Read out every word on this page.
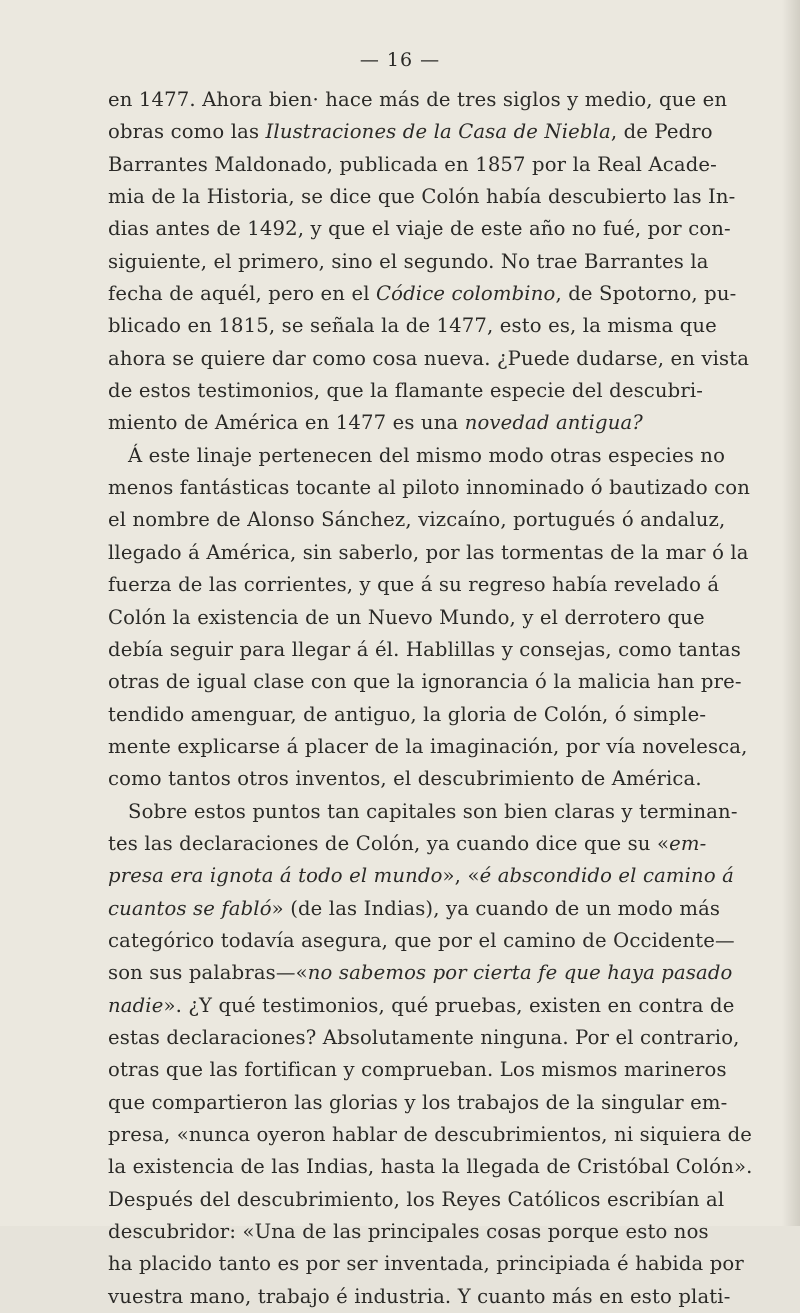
— 16 —
en 1477. Ahora bien· hace más de tres siglos y medio, que en
obras como las Ilustraciones de la Casa de Niebla, de Pedro
Barrantes Maldonado, publicada en 1857 por la Real Acade-
mia de la Historia, se dice que Colón había descubierto las In-
dias antes de 1492, y que el viaje de este año no fué, por con-
siguiente, el primero, sino el segundo. No trae Barrantes la
fecha de aquél, pero en el Códice colombino, de Spotorno, pu-
blicado en 1815, se señala la de 1477, esto es, la misma que
ahora se quiere dar como cosa nueva. ¿Puede dudarse, en vista
de estos testimonios, que la flamante especie del descubri-
miento de América en 1477 es una novedad antigua?
Á este linaje pertenecen del mismo modo otras especies no
menos fantásticas tocante al piloto innominado ó bautizado con
el nombre de Alonso Sánchez, vizcaíno, portugués ó andaluz,
llegado á América, sin saberlo, por las tormentas de la mar ó la
fuerza de las corrientes, y que á su regreso había revelado á
Colón la existencia de un Nuevo Mundo, y el derrotero que
debía seguir para llegar á él. Hablillas y consejas, como tantas
otras de igual clase con que la ignorancia ó la malicia han pre-
tendido amenguar, de antiguo, la gloria de Colón, ó simple-
mente explicarse á placer de la imaginación, por vía novelesca,
como tantos otros inventos, el descubrimiento de América.
Sobre estos puntos tan capitales son bien claras y terminan-
tes las declaraciones de Colón, ya cuando dice que su «em-
presa era ignota á todo el mundo», «é abscondido el camino á
cuantos se fabló» (de las Indias), ya cuando de un modo más
categórico todavía asegura, que por el camino de Occidente—
son sus palabras—«no sabemos por cierta fe que haya pasado
nadie». ¿Y qué testimonios, qué pruebas, existen en contra de
estas declaraciones? Absolutamente ninguna. Por el contrario,
otras que las fortifican y comprueban. Los mismos marineros
que compartieron las glorias y los trabajos de la singular em-
presa, «nunca oyeron hablar de descubrimientos, ni siquiera de
la existencia de las Indias, hasta la llegada de Cristóbal Colón».
Después del descubrimiento, los Reyes Católicos escribían al
descubridor: «Una de las principales cosas porque esto nos
ha placido tanto es por ser inventada, principiada é habida por
vuestra mano, trabajo é industria. Y cuanto más en esto plati-
